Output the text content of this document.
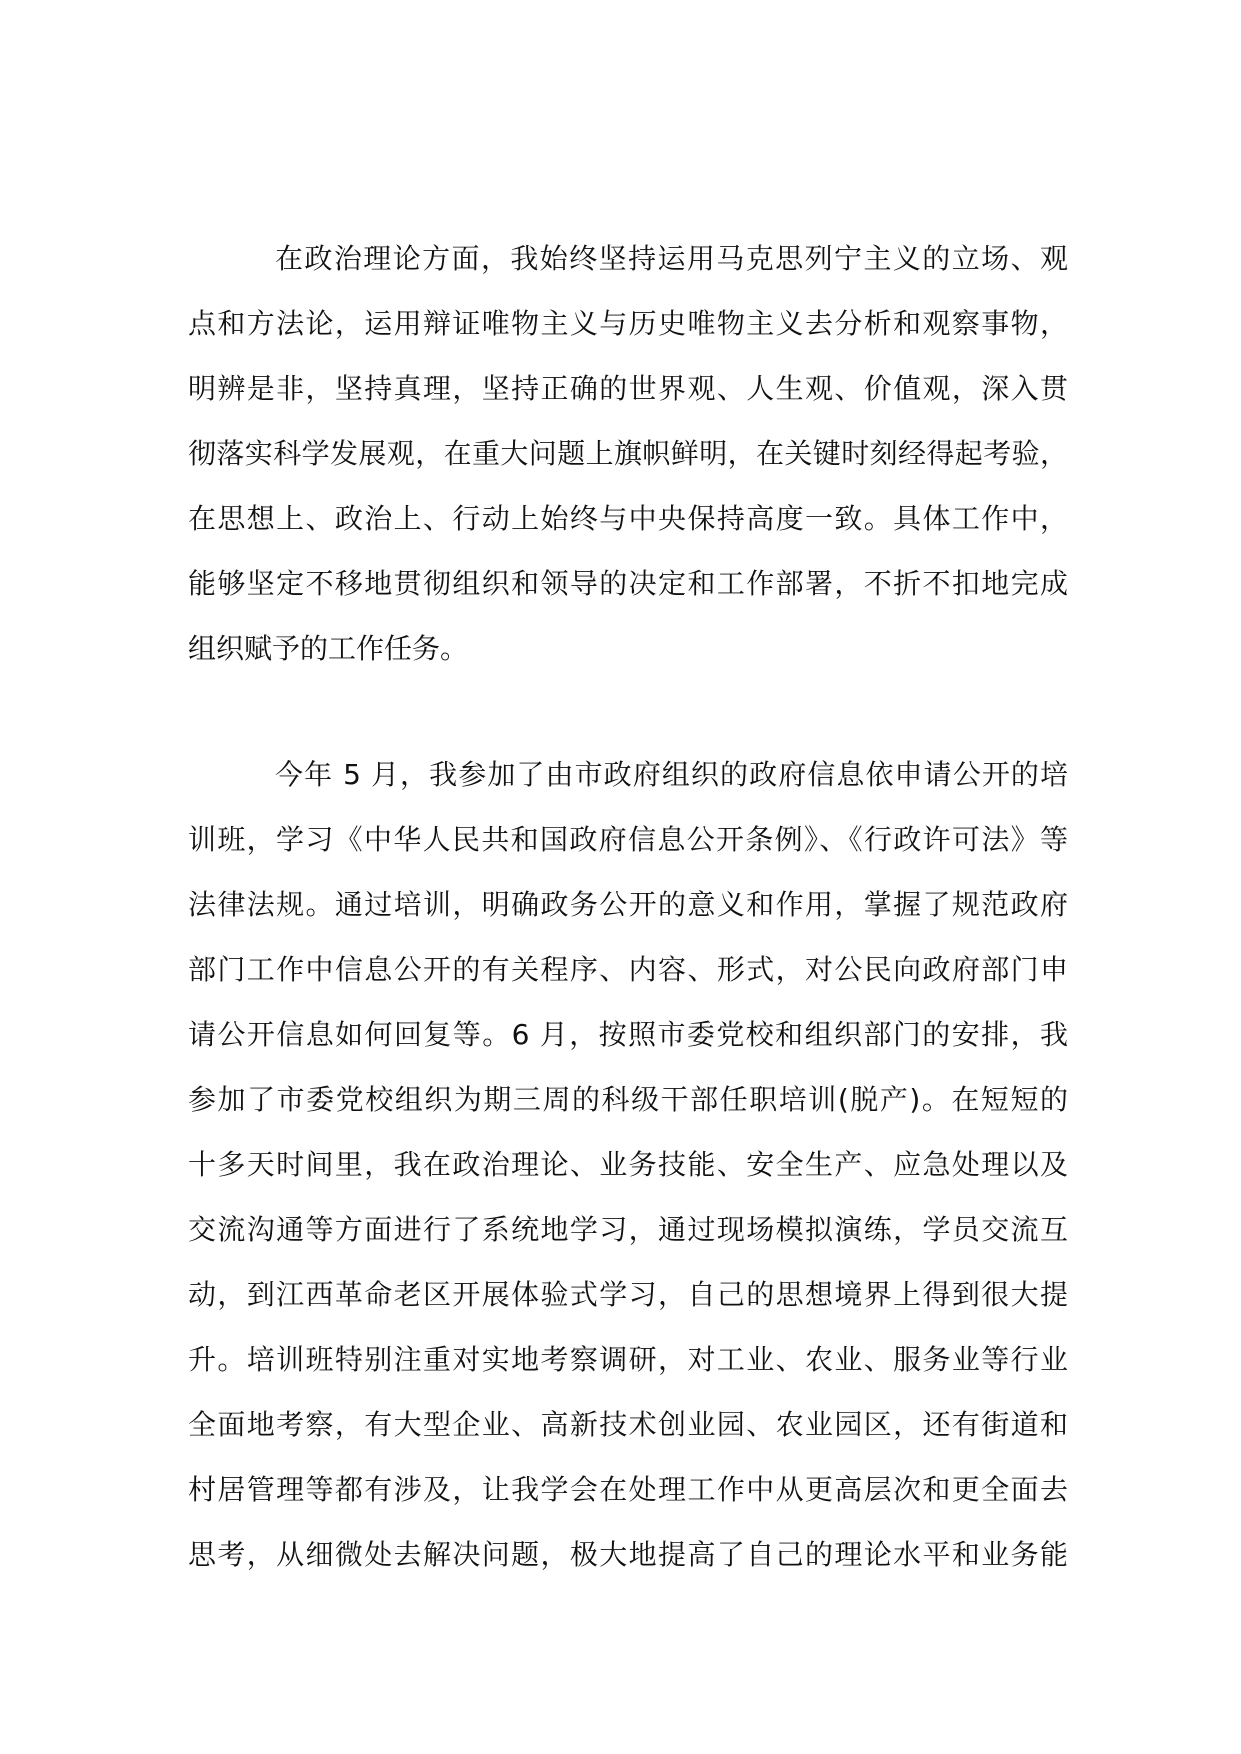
在政治理论方面，我始终坚持运用马克思列宁主义的立场、观
点和方法论，运用辩证唯物主义与历史唯物主义去分析和观察事物，
明辨是非，坚持真理，坚持正确的世界观、人生观、价值观，深入贯
彻落实科学发展观，在重大问题上旗帜鲜明，在关键时刻经得起考验，
在思想上、政治上、行动上始终与中央保持高度一致。具体工作中，
能够坚定不移地贯彻组织和领导的决定和工作部署，不折不扣地完成
组织赋予的工作任务。
今年 5 月，我参加了由市政府组织的政府信息依申请公开的培
训班，学习《中华人民共和国政府信息公开条例》、《行政许可法》等
法律法规。通过培训，明确政务公开的意义和作用，掌握了规范政府
部门工作中信息公开的有关程序、内容、形式，对公民向政府部门申
请公开信息如何回复等。6 月，按照市委党校和组织部门的安排，我
参加了市委党校组织为期三周的科级干部任职培训(脱产)。在短短的
十多天时间里，我在政治理论、业务技能、安全生产、应急处理以及
交流沟通等方面进行了系统地学习，通过现场模拟演练，学员交流互
动，到江西革命老区开展体验式学习，自己的思想境界上得到很大提
升。培训班特别注重对实地考察调研，对工业、农业、服务业等行业
全面地考察，有大型企业、高新技术创业园、农业园区，还有街道和
村居管理等都有涉及，让我学会在处理工作中从更高层次和更全面去
思考，从细微处去解决问题，极大地提高了自己的理论水平和业务能
